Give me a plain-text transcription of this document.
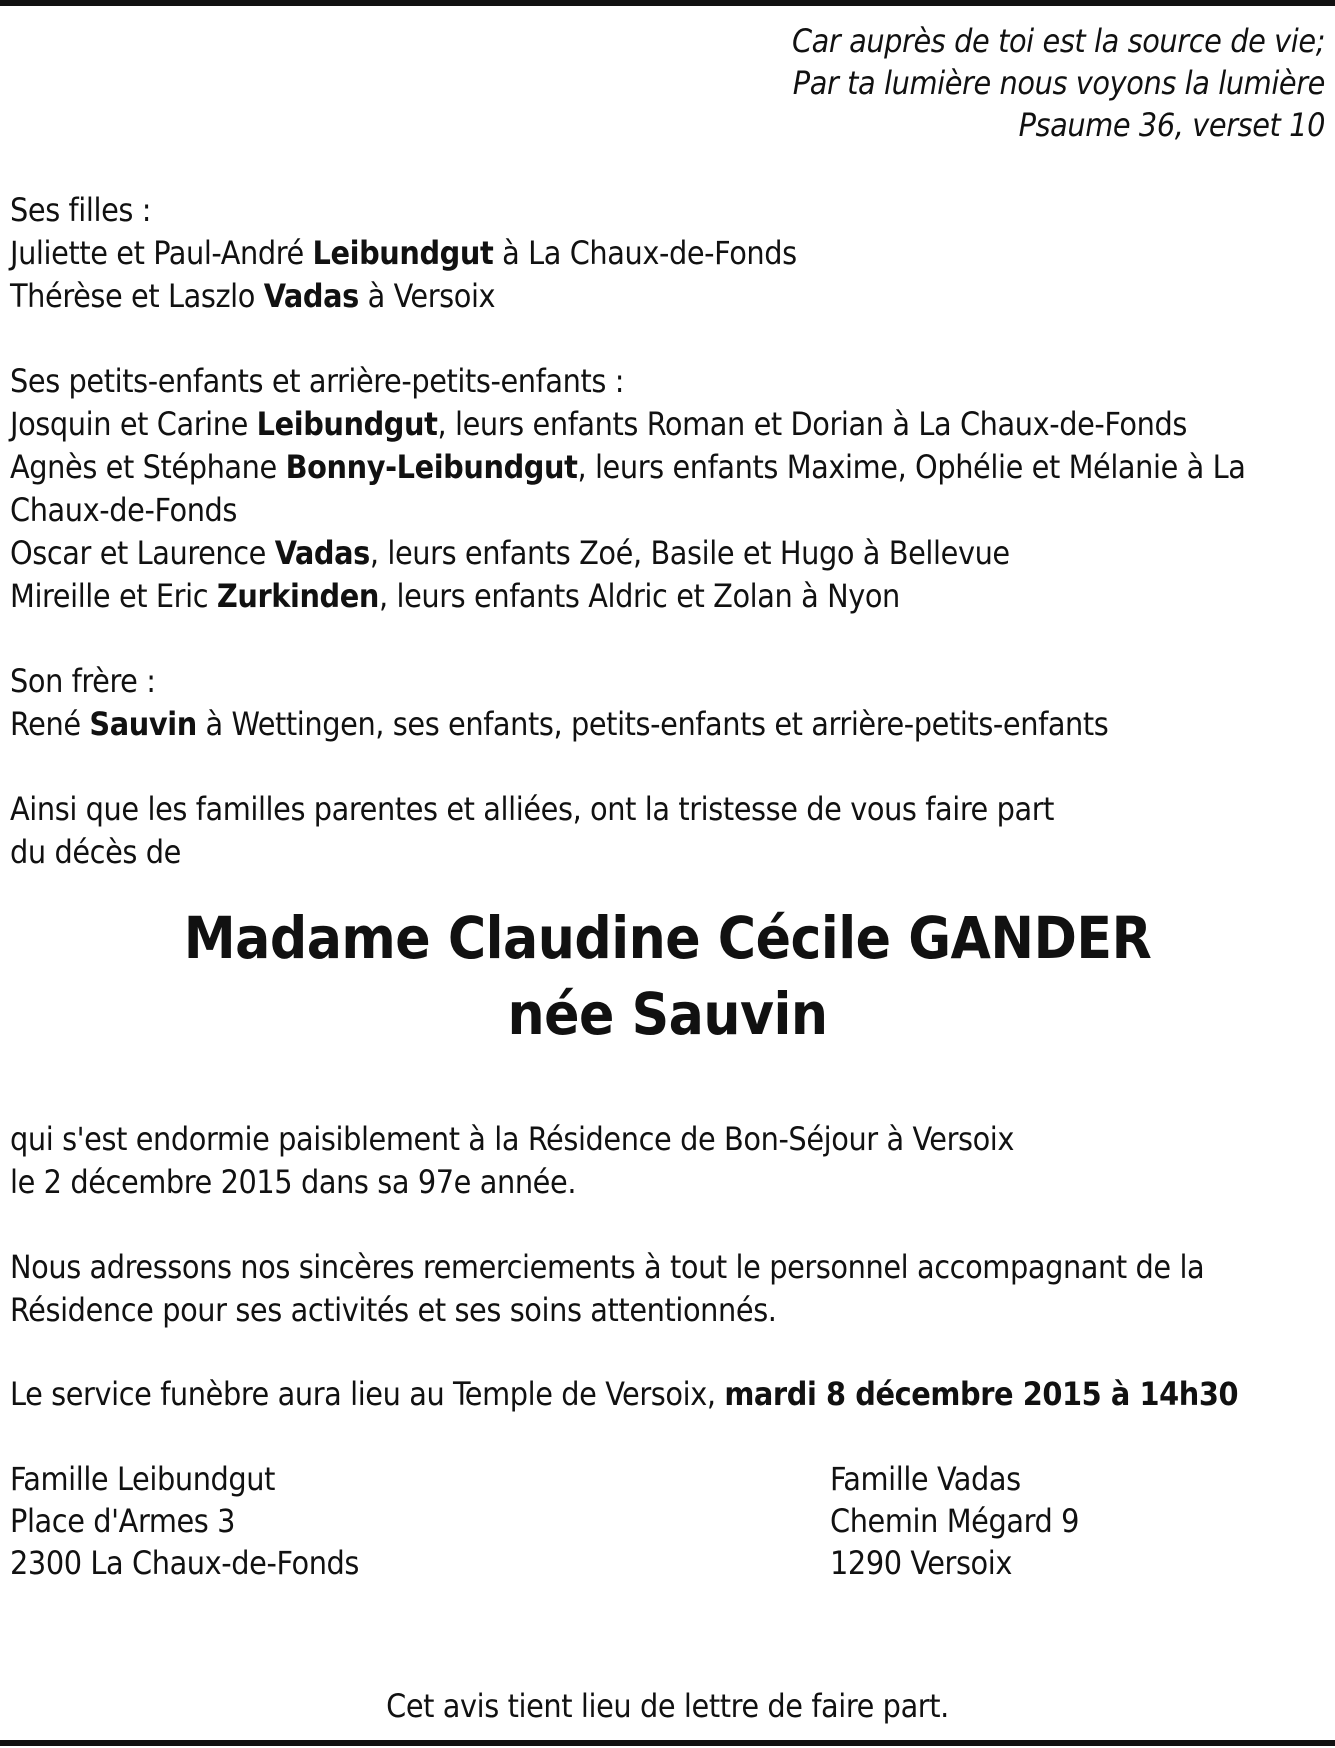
Car auprès de toi est la source de vie;
Par ta lumière nous voyons la lumière
Psaume 36, verset 10
Ses filles :
Juliette et Paul-André Leibundgut à La Chaux-de-Fonds
Thérèse et Laszlo Vadas à Versoix
Ses petits-enfants et arrière-petits-enfants :
Josquin et Carine Leibundgut, leurs enfants Roman et Dorian à La Chaux-de-Fonds
Agnès et Stéphane Bonny-Leibundgut, leurs enfants Maxime, Ophélie et Mélanie à La
Chaux-de-Fonds
Oscar et Laurence Vadas, leurs enfants Zoé, Basile et Hugo à Bellevue
Mireille et Eric Zurkinden, leurs enfants Aldric et Zolan à Nyon
Son frère :
René Sauvin à Wettingen, ses enfants, petits-enfants et arrière-petits-enfants
Ainsi que les familles parentes et alliées, ont la tristesse de vous faire part
du décès de
Madame Claudine Cécile GANDER
née Sauvin
qui s'est endormie paisiblement à la Résidence de Bon-Séjour à Versoix
le 2 décembre 2015 dans sa 97e année.
Nous adressons nos sincères remerciements à tout le personnel accompagnant de la
Résidence pour ses activités et ses soins attentionnés.
Le service funèbre aura lieu au Temple de Versoix, mardi 8 décembre 2015 à 14h30
Famille Leibundgut
Place d'Armes 3
2300 La Chaux-de-Fonds
Famille Vadas
Chemin Mégard 9
1290 Versoix
Cet avis tient lieu de lettre de faire part.
